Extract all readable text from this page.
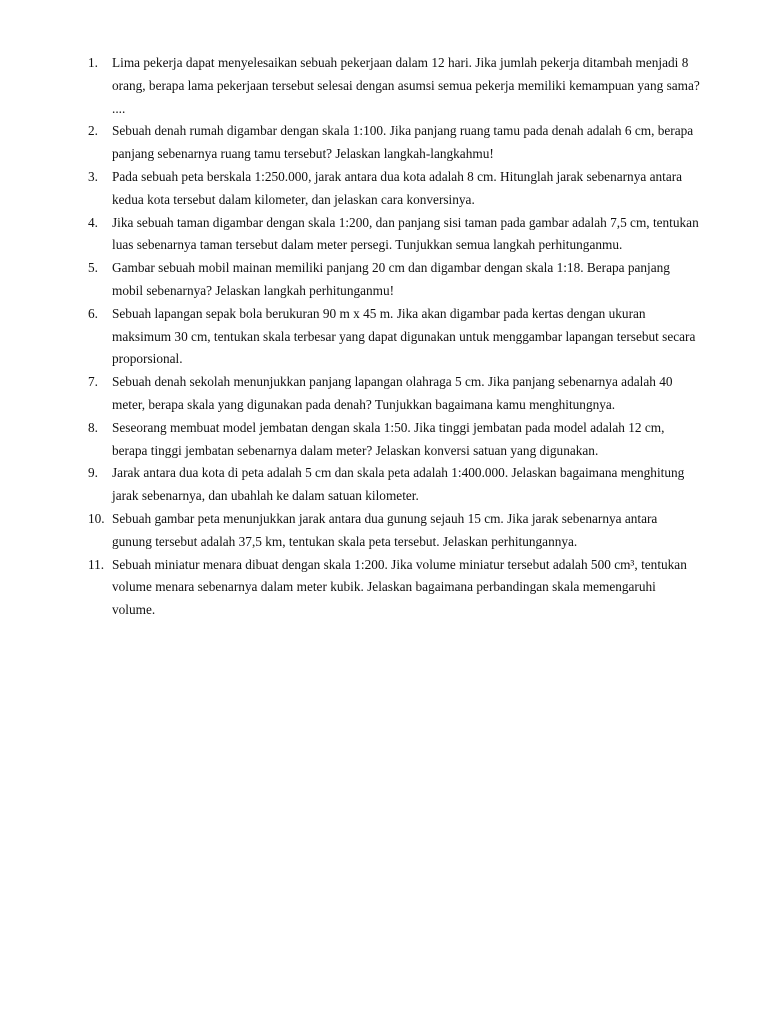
1.	Lima pekerja dapat menyelesaikan sebuah pekerjaan dalam 12 hari. Jika jumlah pekerja ditambah menjadi 8 orang, berapa lama pekerjaan tersebut selesai dengan asumsi semua pekerja memiliki kemampuan yang sama? ....
2.	Sebuah denah rumah digambar dengan skala 1:100. Jika panjang ruang tamu pada denah adalah 6 cm, berapa panjang sebenarnya ruang tamu tersebut? Jelaskan langkah-langkahmu!
3.	Pada sebuah peta berskala 1:250.000, jarak antara dua kota adalah 8 cm. Hitunglah jarak sebenarnya antara kedua kota tersebut dalam kilometer, dan jelaskan cara konversinya.
4.	Jika sebuah taman digambar dengan skala 1:200, dan panjang sisi taman pada gambar adalah 7,5 cm, tentukan luas sebenarnya taman tersebut dalam meter persegi. Tunjukkan semua langkah perhitunganmu.
5.	Gambar sebuah mobil mainan memiliki panjang 20 cm dan digambar dengan skala 1:18. Berapa panjang mobil sebenarnya? Jelaskan langkah perhitunganmu!
6.	Sebuah lapangan sepak bola berukuran 90 m x 45 m. Jika akan digambar pada kertas dengan ukuran maksimum 30 cm, tentukan skala terbesar yang dapat digunakan untuk menggambar lapangan tersebut secara proporsional.
7.	Sebuah denah sekolah menunjukkan panjang lapangan olahraga 5 cm. Jika panjang sebenarnya adalah 40 meter, berapa skala yang digunakan pada denah? Tunjukkan bagaimana kamu menghitungnya.
8.	Seseorang membuat model jembatan dengan skala 1:50. Jika tinggi jembatan pada model adalah 12 cm, berapa tinggi jembatan sebenarnya dalam meter? Jelaskan konversi satuan yang digunakan.
9.	Jarak antara dua kota di peta adalah 5 cm dan skala peta adalah 1:400.000. Jelaskan bagaimana menghitung jarak sebenarnya, dan ubahlah ke dalam satuan kilometer.
10. Sebuah gambar peta menunjukkan jarak antara dua gunung sejauh 15 cm. Jika jarak sebenarnya antara gunung tersebut adalah 37,5 km, tentukan skala peta tersebut. Jelaskan perhitungannya.
11. Sebuah miniatur menara dibuat dengan skala 1:200. Jika volume miniatur tersebut adalah 500 cm³, tentukan volume menara sebenarnya dalam meter kubik. Jelaskan bagaimana perbandingan skala memengaruhi volume.
